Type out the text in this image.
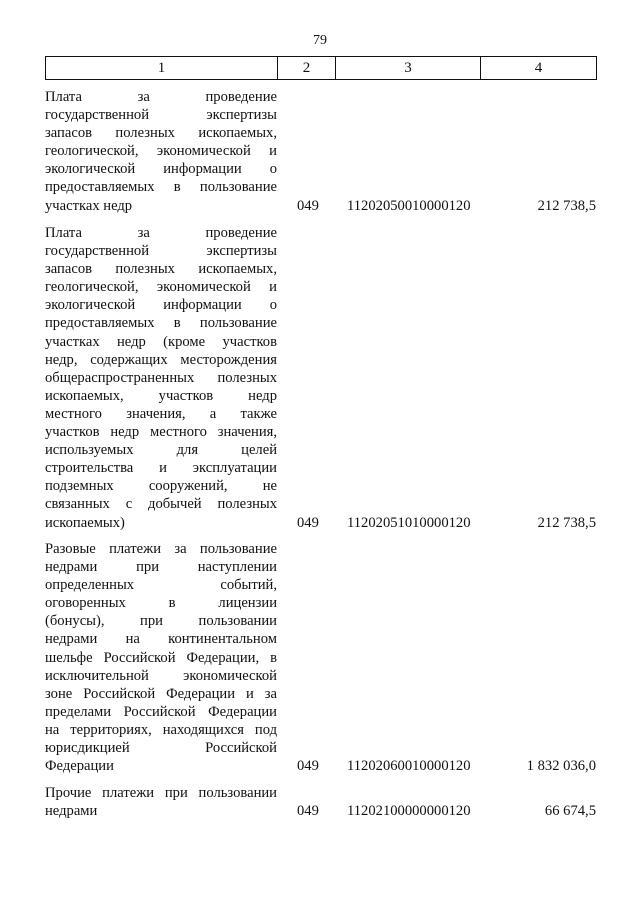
79
1	2	3	4
Плата за проведение
государственной экспертизы
запасов полезных ископаемых,
геологической, экономической и
экологической информации о
предоставляемых в пользование
участках недр	049	11202050010000120	212 738,5
Плата за проведение
государственной экспертизы
запасов полезных ископаемых,
геологической, экономической и
экологической информации о
предоставляемых в пользование
участках недр (кроме участков
недр, содержащих месторождения
общераспространенных полезных
ископаемых, участков недр
местного значения, а также
участков недр местного значения,
используемых для целей
строительства и эксплуатации
подземных сооружений, не
связанных с добычей полезных
ископаемых)	049	11202051010000120	212 738,5
Разовые платежи за пользование
недрами при наступлении
определенных событий,
оговоренных в лицензии
(бонусы), при пользовании
недрами на континентальном
шельфе Российской Федерации, в
исключительной экономической
зоне Российской Федерации и за
пределами Российской Федерации
на территориях, находящихся под
юрисдикцией Российской
Федерации	049	11202060010000120	1 832 036,0
Прочие платежи при пользовании
недрами	049	11202100000000120	66 674,5
